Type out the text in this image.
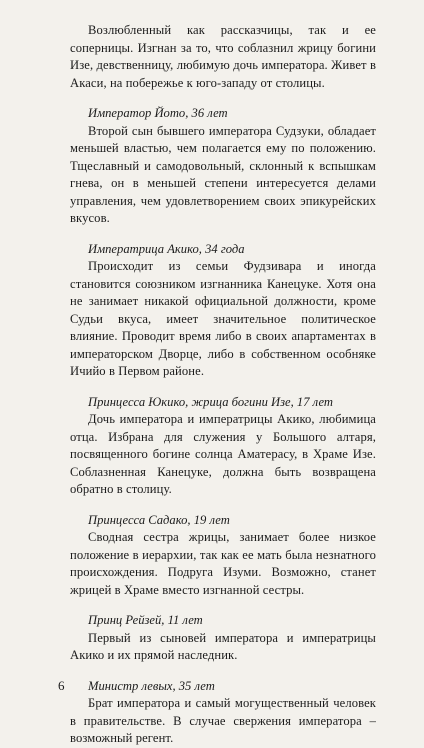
Возлюбленный как рассказчицы, так и ее соперницы. Изгнан за то, что соблазнил жрицу богини Изе, девственницу, любимую дочь императора. Живет в Акаси, на побережье к юго-западу от столицы.

Император Йото, 36 лет

Второй сын бывшего императора Судзуки, обладает меньшей властью, чем полагается ему по положению. Тщеславный и самодовольный, склонный к вспышкам гнева, он в меньшей степени интересуется делами управления, чем удовлетворением своих эпикурейских вкусов.

Императрица Акико, 34 года

Происходит из семьи Фудзивара и иногда становится союзником изгнанника Канецуке. Хотя она не занимает никакой официальной должности, кроме Судьи вкуса, имеет значительное политическое влияние. Проводит время либо в своих апартаментах в императорском Дворце, либо в собственном особняке Ичийо в Первом районе.

Принцесса Юкико, жрица богини Изе, 17 лет

Дочь императора и императрицы Акико, любимица отца. Избрана для служения у Большого алтаря, посвященного богине солнца Аматерасу, в Храме Изе. Соблазненная Канецуке, должна быть возвращена обратно в столицу.

Принцесса Садако, 19 лет

Сводная сестра жрицы, занимает более низкое положение в иерархии, так как ее мать была незнатного происхождения. Подруга Изуми. Возможно, станет жрицей в Храме вместо изгнанной сестры.

Принц Рейзей, 11 лет

Первый из сыновей императора и императрицы Акико и их прямой наследник.

Министр левых, 35 лет

Брат императора и самый могущественный человек в правительстве. В случае свержения императора – возможный регент.

6
